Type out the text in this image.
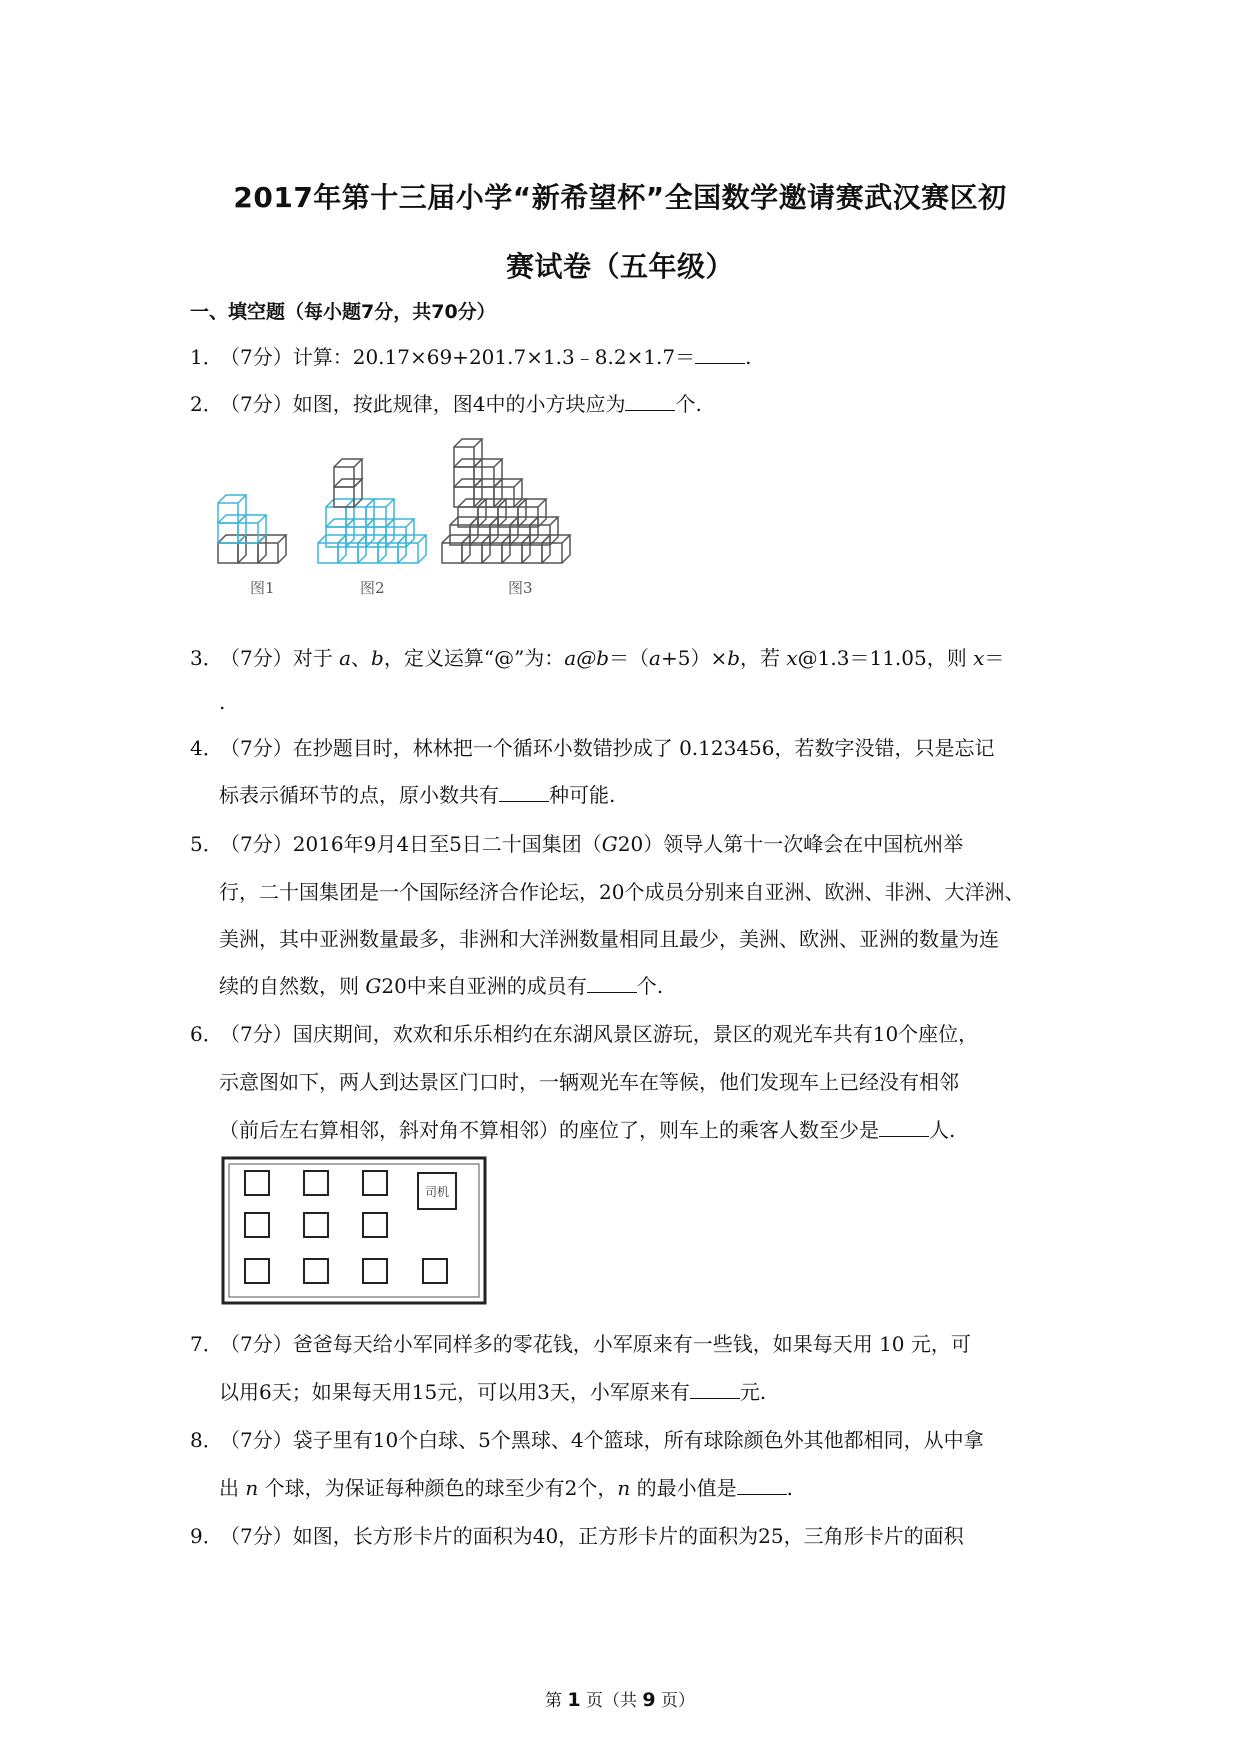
2017年第十三届小学“新希望杯”全国数学邀请赛武汉赛区初
赛试卷（五年级）
一、填空题（每小题7分，共70分）
1．（7分）计算：20.17×69+201.7×1.3﹣8.2×1.7＝	.
2．（7分）如图，按此规律，图4中的小方块应为	个.
图1	图2	图3
3．（7分）对于 a、b，定义运算“@”为：a@b＝（a+5）×b，若 x@1.3＝11.05，则 x＝
.
4．（7分）在抄题目时，林林把一个循环小数错抄成了 0.123456，若数字没错，只是忘记
标表示循环节的点，原小数共有	种可能.
5．（7分）2016年9月4日至5日二十国集团（G20）领导人第十一次峰会在中国杭州举
行，二十国集团是一个国际经济合作论坛，20个成员分别来自亚洲、欧洲、非洲、大洋洲、
美洲，其中亚洲数量最多，非洲和大洋洲数量相同且最少，美洲、欧洲、亚洲的数量为连
续的自然数，则 G20中来自亚洲的成员有	个.
6．（7分）国庆期间，欢欢和乐乐相约在东湖风景区游玩，景区的观光车共有10个座位，
示意图如下，两人到达景区门口时，一辆观光车在等候，他们发现车上已经没有相邻
（前后左右算相邻，斜对角不算相邻）的座位了，则车上的乘客人数至少是	人.
司机
7．（7分）爸爸每天给小军同样多的零花钱，小军原来有一些钱，如果每天用 10 元，可
以用6天；如果每天用15元，可以用3天，小军原来有	元.
8．（7分）袋子里有10个白球、5个黑球、4个篮球，所有球除颜色外其他都相同，从中拿
出 n 个球，为保证每种颜色的球至少有2个，n 的最小值是	.
9．（7分）如图，长方形卡片的面积为40，正方形卡片的面积为25，三角形卡片的面积
第 1 页（共 9 页）
